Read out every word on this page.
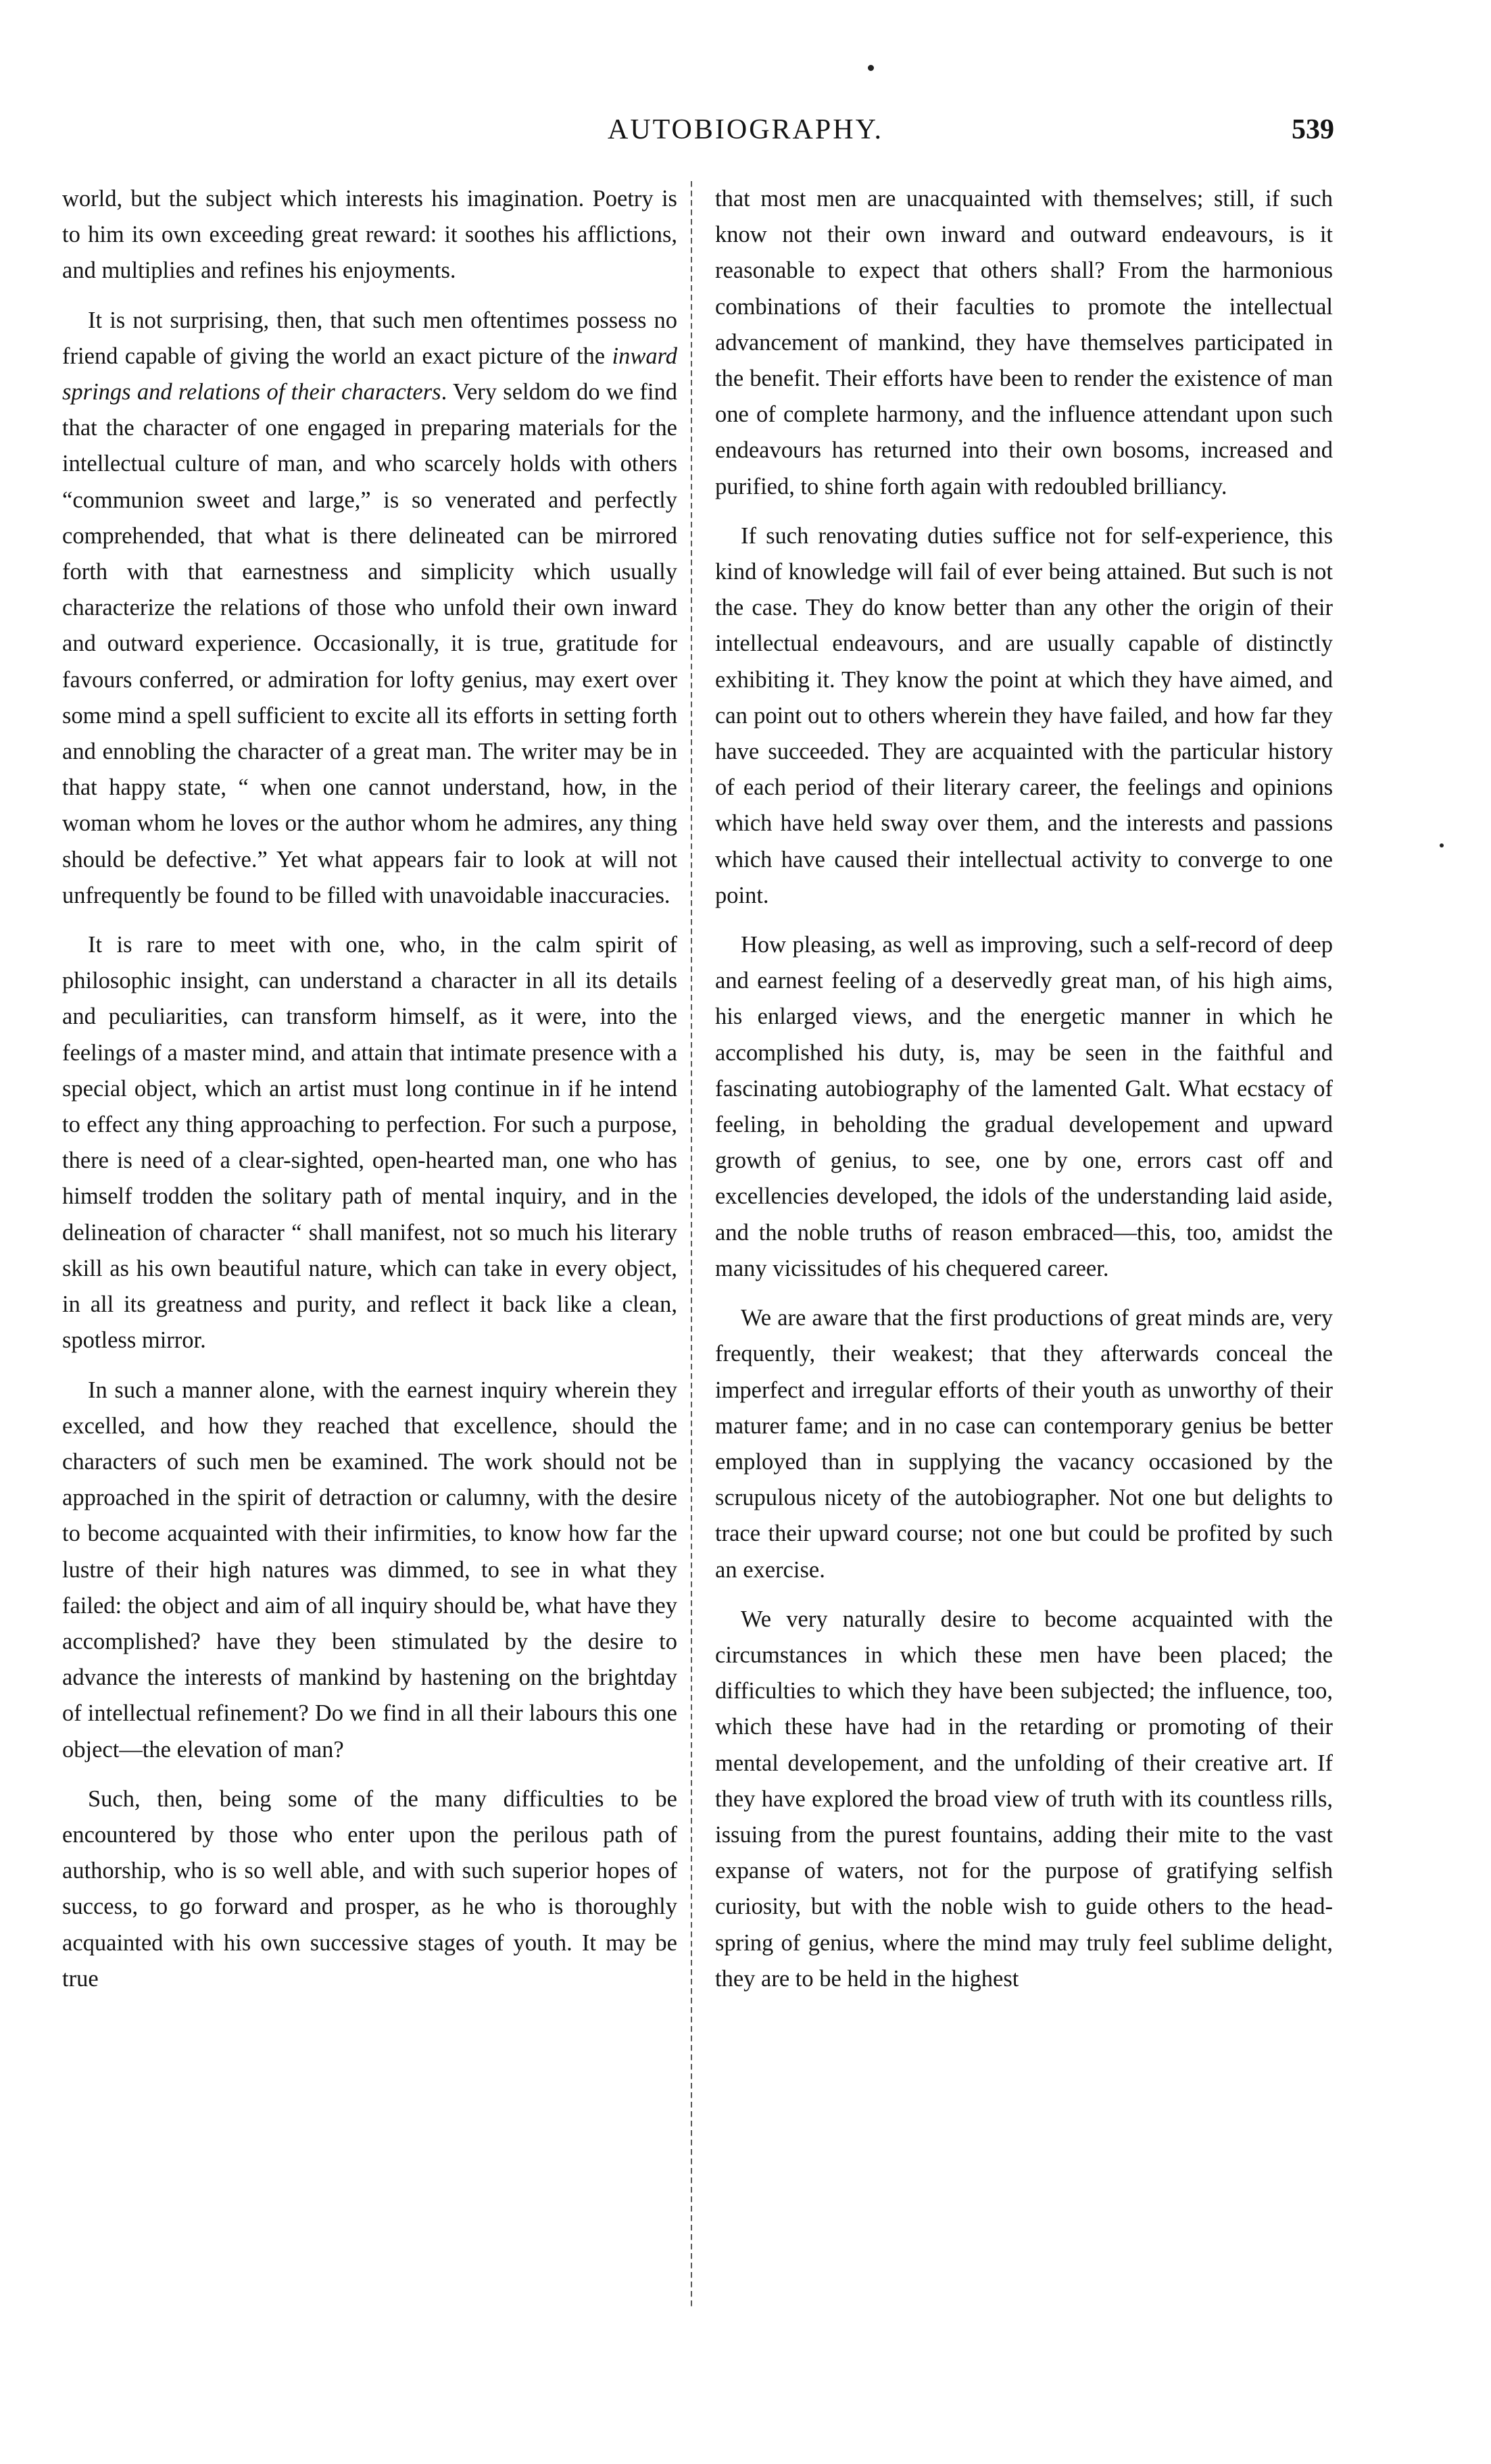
AUTOBIOGRAPHY.	539

world, but the subject which interests his imagination. Poetry is to him its own exceeding great reward: it soothes his afflictions, and multiplies and refines his enjoyments.

It is not surprising, then, that such men oftentimes possess no friend capable of giving the world an exact picture of the inward springs and relations of their characters. Very seldom do we find that the character of one engaged in preparing materials for the intellectual culture of man, and who scarcely holds with others “communion sweet and large,” is so venerated and perfectly comprehended, that what is there delineated can be mirrored forth with that earnestness and simplicity which usually characterize the relations of those who unfold their own inward and outward experience. Occasionally, it is true, gratitude for favours conferred, or admiration for lofty genius, may exert over some mind a spell sufficient to excite all its efforts in setting forth and ennobling the character of a great man. The writer may be in that happy state, “ when one cannot understand, how, in the woman whom he loves or the author whom he admires, any thing should be defective.” Yet what appears fair to look at will not unfrequently be found to be filled with unavoidable inaccuracies.

It is rare to meet with one, who, in the calm spirit of philosophic insight, can understand a character in all its details and peculiarities, can transform himself, as it were, into the feelings of a master mind, and attain that intimate presence with a special object, which an artist must long continue in if he intend to effect any thing approaching to perfection. For such a purpose, there is need of a clear-sighted, open-hearted man, one who has himself trodden the solitary path of mental inquiry, and in the delineation of character “ shall manifest, not so much his literary skill as his own beautiful nature, which can take in every object, in all its greatness and purity, and reflect it back like a clean, spotless mirror.

In such a manner alone, with the earnest inquiry wherein they excelled, and how they reached that excellence, should the characters of such men be examined. The work should not be approached in the spirit of detraction or calumny, with the desire to become acquainted with their infirmities, to know how far the lustre of their high natures was dimmed, to see in what they failed: the object and aim of all inquiry should be, what have they accomplished? have they been stimulated by the desire to advance the interests of mankind by hastening on the brightday of intellectual refinement? Do we find in all their labours this one object—the elevation of man?

Such, then, being some of the many difficulties to be encountered by those who enter upon the perilous path of authorship, who is so well able, and with such superior hopes of success, to go forward and prosper, as he who is thoroughly acquainted with his own successive stages of youth. It may be true

that most men are unacquainted with themselves; still, if such know not their own inward and outward endeavours, is it reasonable to expect that others shall? From the harmonious combinations of their faculties to promote the intellectual advancement of mankind, they have themselves participated in the benefit. Their efforts have been to render the existence of man one of complete harmony, and the influence attendant upon such endeavours has returned into their own bosoms, increased and purified, to shine forth again with redoubled brilliancy.

If such renovating duties suffice not for self-experience, this kind of knowledge will fail of ever being attained. But such is not the case. They do know better than any other the origin of their intellectual endeavours, and are usually capable of distinctly exhibiting it. They know the point at which they have aimed, and can point out to others wherein they have failed, and how far they have succeeded. They are acquainted with the particular history of each period of their literary career, the feelings and opinions which have held sway over them, and the interests and passions which have caused their intellectual activity to converge to one point.

How pleasing, as well as improving, such a self-record of deep and earnest feeling of a deservedly great man, of his high aims, his enlarged views, and the energetic manner in which he accomplished his duty, is, may be seen in the faithful and fascinating autobiography of the lamented Galt. What ecstacy of feeling, in beholding the gradual developement and upward growth of genius, to see, one by one, errors cast off and excellencies developed, the idols of the understanding laid aside, and the noble truths of reason embraced—this, too, amidst the many vicissitudes of his chequered career.

We are aware that the first productions of great minds are, very frequently, their weakest; that they afterwards conceal the imperfect and irregular efforts of their youth as unworthy of their maturer fame; and in no case can contemporary genius be better employed than in supplying the vacancy occasioned by the scrupulous nicety of the autobiographer. Not one but delights to trace their upward course; not one but could be profited by such an exercise.

We very naturally desire to become acquainted with the circumstances in which these men have been placed; the difficulties to which they have been subjected; the influence, too, which these have had in the retarding or promoting of their mental developement, and the unfolding of their creative art. If they have explored the broad view of truth with its countless rills, issuing from the purest fountains, adding their mite to the vast expanse of waters, not for the purpose of gratifying selfish curiosity, but with the noble wish to guide others to the head-spring of genius, where the mind may truly feel sublime delight, they are to be held in the highest
